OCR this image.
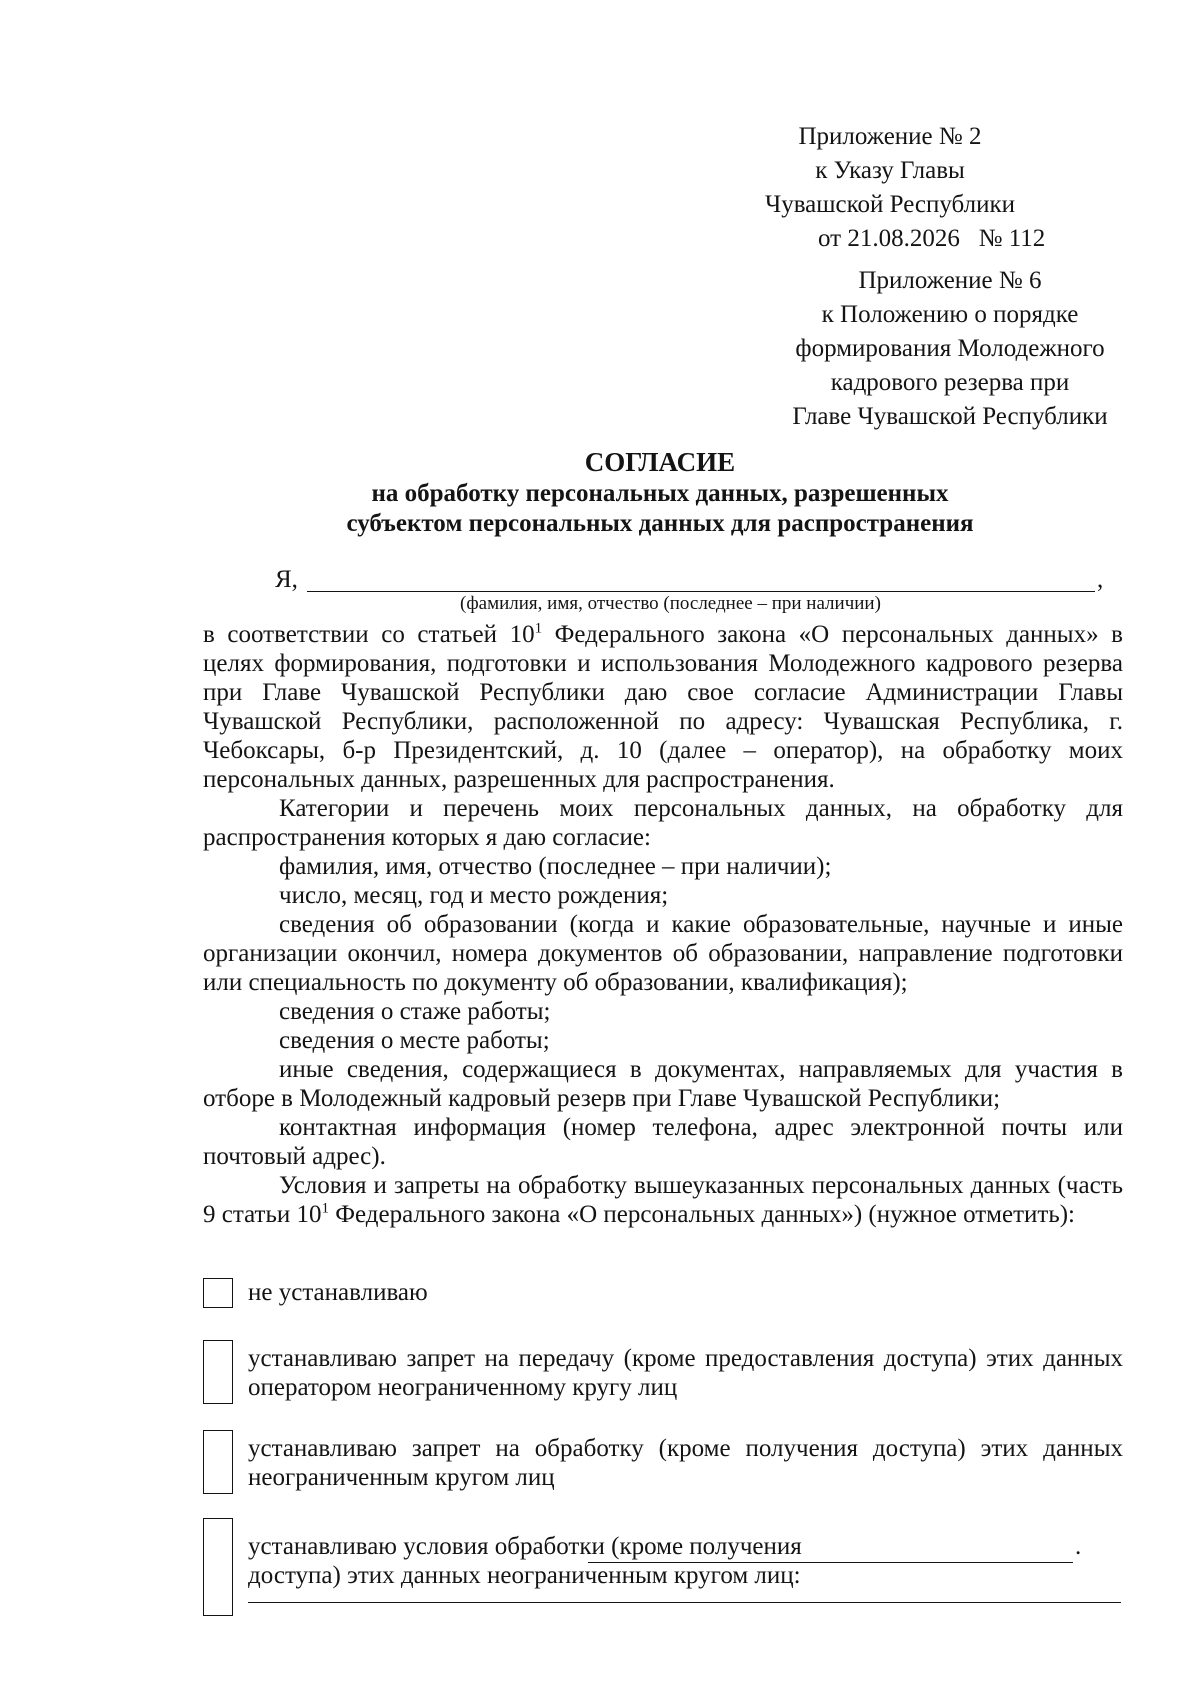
Приложение № 2
к Указу Главы
Чувашской Республики
от 21.08.2026   № 112
Приложение № 6
к Положению о порядке
формирования Молодежного
кадрового резерва при
Главе Чувашской Республики
СОГЛАСИЕ
на обработку персональных данных, разрешенных
субъектом персональных данных для распространения
Я,	,
(фамилия, имя, отчество (последнее – при наличии)

в соответствии со статьей $10^1$ Федерального закона «О персональных данных» в целях формирования, подготовки и использования Молодежного кадрового резерва при Главе Чувашской Республики даю свое согласие Администрации Главы Чувашской Республики, расположенной по адресу: Чувашская Республика, г. Чебоксары, б-р Президентский, д. 10 (далее – оператор), на обработку моих персональных данных, разрешенных для распространения.

Категории и перечень моих персональных данных, на обработку для распространения которых я даю согласие:

фамилия, имя, отчество (последнее – при наличии);

число, месяц, год и место рождения;

сведения об образовании (когда и какие образовательные, научные и иные организации окончил, номера документов об образовании, направление подготовки или специальность по документу об образовании, квалификация);

сведения о стаже работы;

сведения о месте работы;

иные сведения, содержащиеся в документах, направляемых для участия в отборе в Молодежный кадровый резерв при Главе Чувашской Республики;

контактная информация (номер телефона, адрес электронной почты или почтовый адрес).

Условия и запреты на обработку вышеуказанных персональных данных (часть 9 статьи $10^1$ Федерального закона «О персональных данных») (нужное отметить):

не устанавливаю
устанавливаю запрет на передачу (кроме предоставления доступа) этих данных оператором неограниченному кругу лиц
устанавливаю запрет на обработку (кроме получения доступа) этих данных неограниченным кругом лиц
устанавливаю условия обработки (кроме получения доступа) этих данных неограниченным кругом лиц:
.
